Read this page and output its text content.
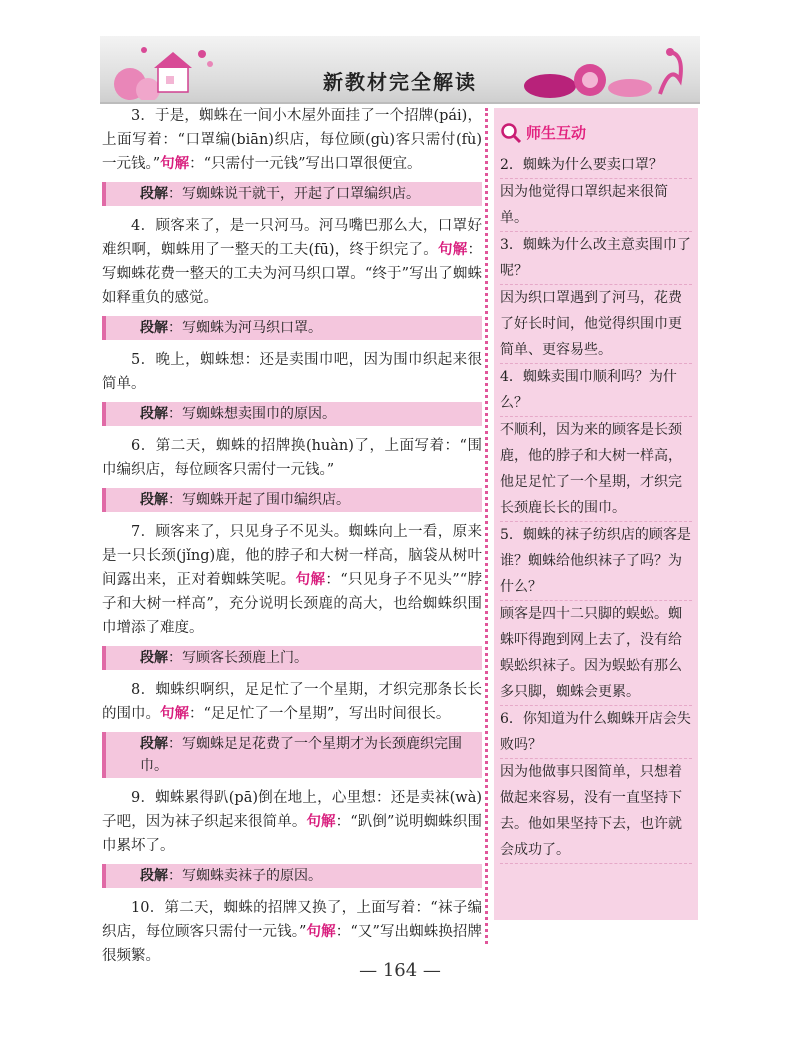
新教材完全解读

3．于是，蜘蛛在一间小木屋外面挂了一个招牌(pái)，上面写着：“口罩编(biān)织店，每位顾(gù)客只需付(fù)一元钱。”句解：“只需付一元钱”写出口罩很便宜。

段解：写蜘蛛说干就干，开起了口罩编织店。

4．顾客来了，是一只河马。河马嘴巴那么大，口罩好难织啊，蜘蛛用了一整天的工夫(fū)，终于织完了。句解：写蜘蛛花费一整天的工夫为河马织口罩。“终于”写出了蜘蛛如释重负的感觉。

段解：写蜘蛛为河马织口罩。

5．晚上，蜘蛛想：还是卖围巾吧，因为围巾织起来很简单。

段解：写蜘蛛想卖围巾的原因。

6．第二天，蜘蛛的招牌换(huàn)了，上面写着：“围巾编织店，每位顾客只需付一元钱。”

段解：写蜘蛛开起了围巾编织店。

7．顾客来了，只见身子不见头。蜘蛛向上一看，原来是一只长颈(jǐng)鹿，他的脖子和大树一样高，脑袋从树叶间露出来，正对着蜘蛛笑呢。句解：“只见身子不见头”“脖子和大树一样高”，充分说明长颈鹿的高大，也给蜘蛛织围巾增添了难度。

段解：写顾客长颈鹿上门。

8．蜘蛛织啊织，足足忙了一个星期，才织完那条长长的围巾。句解：“足足忙了一个星期”，写出时间很长。

段解：写蜘蛛足足花费了一个星期才为长颈鹿织完围巾。

9．蜘蛛累得趴(pā)倒在地上，心里想：还是卖袜(wà)子吧，因为袜子织起来很简单。句解：“趴倒”说明蜘蛛织围巾累坏了。

段解：写蜘蛛卖袜子的原因。

10．第二天，蜘蛛的招牌又换了，上面写着：“袜子编织店，每位顾客只需付一元钱。”句解：“又”写出蜘蛛换招牌很频繁。

师生互动
2．蜘蛛为什么要卖口罩？
因为他觉得口罩织起来很简单。
3．蜘蛛为什么改主意卖围巾了呢？
因为织口罩遇到了河马，花费了好长时间，他觉得织围巾更简单、更容易些。
4．蜘蛛卖围巾顺利吗？为什么？
不顺利，因为来的顾客是长颈鹿，他的脖子和大树一样高，他足足忙了一个星期，才织完长颈鹿长长的围巾。
5．蜘蛛的袜子纺织店的顾客是谁？蜘蛛给他织袜子了吗？为什么？
顾客是四十二只脚的蜈蚣。蜘蛛吓得跑到网上去了，没有给蜈蚣织袜子。因为蜈蚣有那么多只脚，蜘蛛会更累。
6．你知道为什么蜘蛛开店会失败吗？
因为他做事只图简单，只想着做起来容易，没有一直坚持下去。他如果坚持下去，也许就会成功了。
— 164 —
